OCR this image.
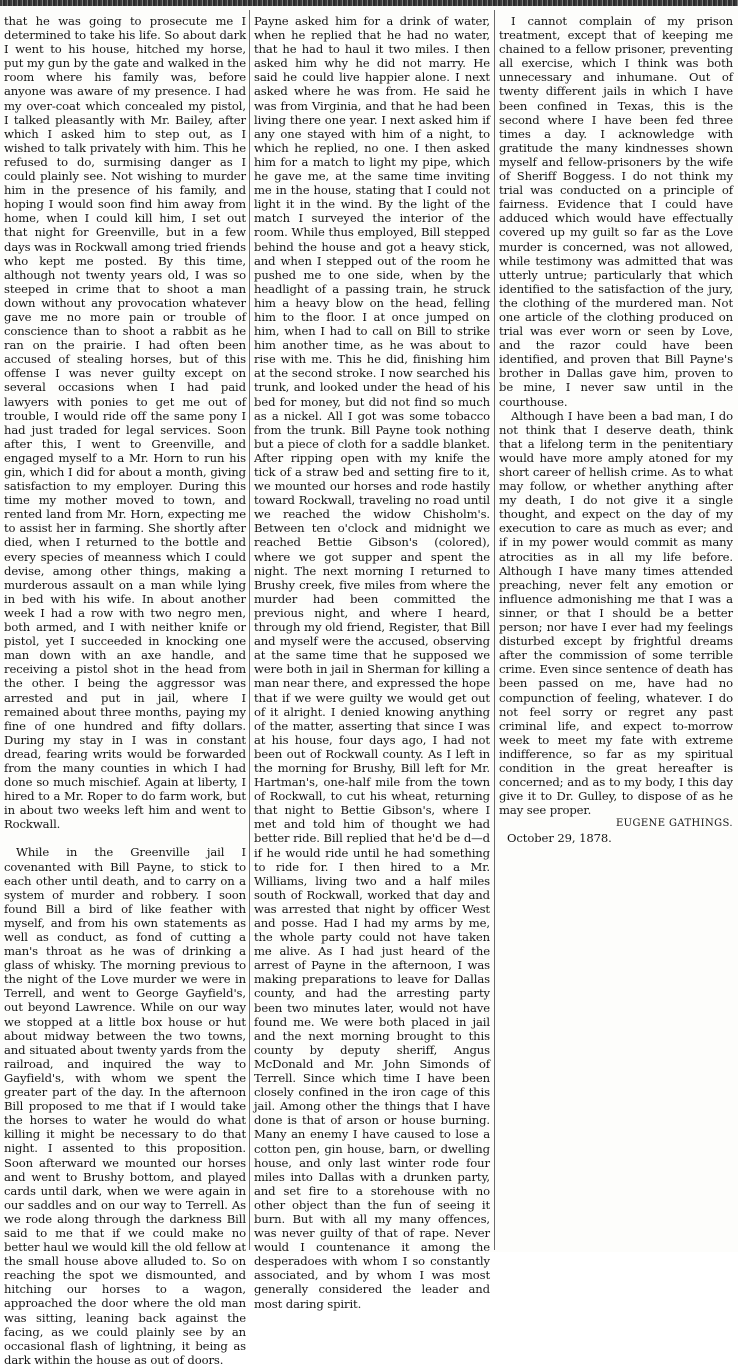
that he was going to prosecute me I determined to take his life. So about dark I went to his house, hitched my horse, put my gun by the gate and walked in the room where his family was, before anyone was aware of my presence. I had my over-coat which concealed my pistol, I talked pleasantly with Mr. Bailey, after which I asked him to step out, as I wished to talk privately with him. This he refused to do, surmising danger as I could plainly see. Not wishing to murder him in the presence of his family, and hoping I would soon find him away from home, when I could kill him, I set out that night for Greenville, but in a few days was in Rockwall among tried friends who kept me posted. By this time, although not twenty years old, I was so steeped in crime that to shoot a man down without any provocation whatever gave me no more pain or trouble of conscience than to shoot a rabbit as he ran on the prairie. I had often been accused of stealing horses, but of this offense I was never guilty except on several occasions when I had paid lawyers with ponies to get me out of trouble, I would ride off the same pony I had just traded for legal services. Soon after this, I went to Greenville, and engaged myself to a Mr. Horn to run his gin, which I did for about a month, giving satisfaction to my employer. During this time my mother moved to town, and rented land from Mr. Horn, expecting me to assist her in farming. She shortly after died, when I returned to the bottle and every species of meanness which I could devise, among other things, making a murderous assault on a man while lying in bed with his wife. In about another week I had a row with two negro men, both armed, and I with neither knife or pistol, yet I succeeded in knocking one man down with an axe handle, and receiving a pistol shot in the head from the other. I being the aggressor was arrested and put in jail, where I remained about three months, paying my fine of one hundred and fifty dollars. During my stay in I was in constant dread, fearing writs would be forwarded from the many counties in which I had done so much mischief. Again at liberty, I hired to a Mr. Roper to do farm work, but in about two weeks left him and went to Rockwall.

While in the Greenville jail I covenanted with Bill Payne, to stick to each other until death, and to carry on a system of murder and robbery. I soon found Bill a bird of like feather with myself, and from his own statements as well as conduct, as fond of cutting a man's throat as he was of drinking a glass of whisky. The morning previous to the night of the Love murder we were in Terrell, and went to George Gayfield's, out beyond Lawrence. While on our way we stopped at a little box house or hut about midway between the two towns, and situated about twenty yards from the railroad, and inquired the way to Gayfield's, with whom we spent the greater part of the day. In the afternoon Bill proposed to me that if I would take the horses to water he would do what killing it might be necessary to do that night. I assented to this proposition. Soon afterward we mounted our horses and went to Brushy bottom, and played cards until dark, when we were again in our saddles and on our way to Terrell. As we rode along through the darkness Bill said to me that if we could make no better haul we would kill the old fellow at the small house above alluded to. So on reaching the spot we dismounted, and hitching our horses to a wagon, approached the door where the old man was sitting, leaning back against the facing, as we could plainly see by an occasional flash of lightning, it being as dark within the house as out of doors.

Payne asked him for a drink of water, when he replied that he had no water, that he had to haul it two miles. I then asked him why he did not marry. He said he could live happier alone. I next asked where he was from. He said he was from Virginia, and that he had been living there one year. I next asked him if any one stayed with him of a night, to which he replied, no one. I then asked him for a match to light my pipe, which he gave me, at the same time inviting me in the house, stating that I could not light it in the wind. By the light of the match I surveyed the interior of the room. While thus employed, Bill stepped behind the house and got a heavy stick, and when I stepped out of the room he pushed me to one side, when by the headlight of a passing train, he struck him a heavy blow on the head, felling him to the floor. I at once jumped on him, when I had to call on Bill to strike him another time, as he was about to rise with me. This he did, finishing him at the second stroke. I now searched his trunk, and looked under the head of his bed for money, but did not find so much as a nickel. All I got was some tobacco from the trunk. Bill Payne took nothing but a piece of cloth for a saddle blanket. After ripping open with my knife the tick of a straw bed and setting fire to it, we mounted our horses and rode hastily toward Rockwall, traveling no road until we reached the widow Chisholm's. Between ten o'clock and midnight we reached Bettie Gibson's (colored), where we got supper and spent the night. The next morning I returned to Brushy creek, five miles from where the murder had been committed the previous night, and where I heard, through my old friend, Register, that Bill and myself were the accused, observing at the same time that he supposed we were both in jail in Sherman for killing a man near there, and expressed the hope that if we were guilty we would get out of it alright. I denied knowing anything of the matter, asserting that since I was at his house, four days ago, I had not been out of Rockwall county. As I left in the morning for Brushy, Bill left for Mr. Hartman's, one-half mile from the town of Rockwall, to cut his wheat, returning that night to Bettie Gibson's, where I met and told him of thought we had better ride. Bill replied that he'd be d—d if he would ride until he had something to ride for. I then hired to a Mr. Williams, living two and a half miles south of Rockwall, worked that day and was arrested that night by officer West and posse. Had I had my arms by me, the whole party could not have taken me alive. As I had just heard of the arrest of Payne in the afternoon, I was making preparations to leave for Dallas county, and had the arresting party been two minutes later, would not have found me. We were both placed in jail and the next morning brought to this county by deputy sheriff, Angus McDonald and Mr. John Simonds of Terrell. Since which time I have been closely confined in the iron cage of this jail. Among other the things that I have done is that of arson or house burning. Many an enemy I have caused to lose a cotton pen, gin house, barn, or dwelling house, and only last winter rode four miles into Dallas with a drunken party, and set fire to a storehouse with no other object than the fun of seeing it burn. But with all my many offences, was never guilty of that of rape. Never would I countenance it among the desperadoes with whom I so constantly associated, and by whom I was most generally considered the leader and most daring spirit.

I cannot complain of my prison treatment, except that of keeping me chained to a fellow prisoner, preventing all exercise, which I think was both unnecessary and inhumane. Out of twenty different jails in which I have been confined in Texas, this is the second where I have been fed three times a day. I acknowledge with gratitude the many kindnesses shown myself and fellow-prisoners by the wife of Sheriff Boggess. I do not think my trial was conducted on a principle of fairness. Evidence that I could have adduced which would have effectually covered up my guilt so far as the Love murder is concerned, was not allowed, while testimony was admitted that was utterly untrue; particularly that which identified to the satisfaction of the jury, the clothing of the murdered man. Not one article of the clothing produced on trial was ever worn or seen by Love, and the razor could have been identified, and proven that Bill Payne's brother in Dallas gave him, proven to be mine, I never saw until in the courthouse.

Although I have been a bad man, I do not think that I deserve death, think that a lifelong term in the penitentiary would have more amply atoned for my short career of hellish crime. As to what may follow, or whether anything after my death, I do not give it a single thought, and expect on the day of my execution to care as much as ever; and if in my power would commit as many atrocities as in all my life before. Although I have many times attended preaching, never felt any emotion or influence admonishing me that I was a sinner, or that I should be a better person; nor have I ever had my feelings disturbed except by frightful dreams after the commission of some terrible crime. Even since sentence of death has been passed on me, have had no compunction of feeling, whatever. I do not feel sorry or regret any past criminal life, and expect to-morrow week to meet my fate with extreme indifference, so far as my spiritual condition in the great hereafter is concerned; and as to my body, I this day give it to Dr. Gulley, to dispose of as he may see proper.

EUGENE GATHINGS.

October 29, 1878.
